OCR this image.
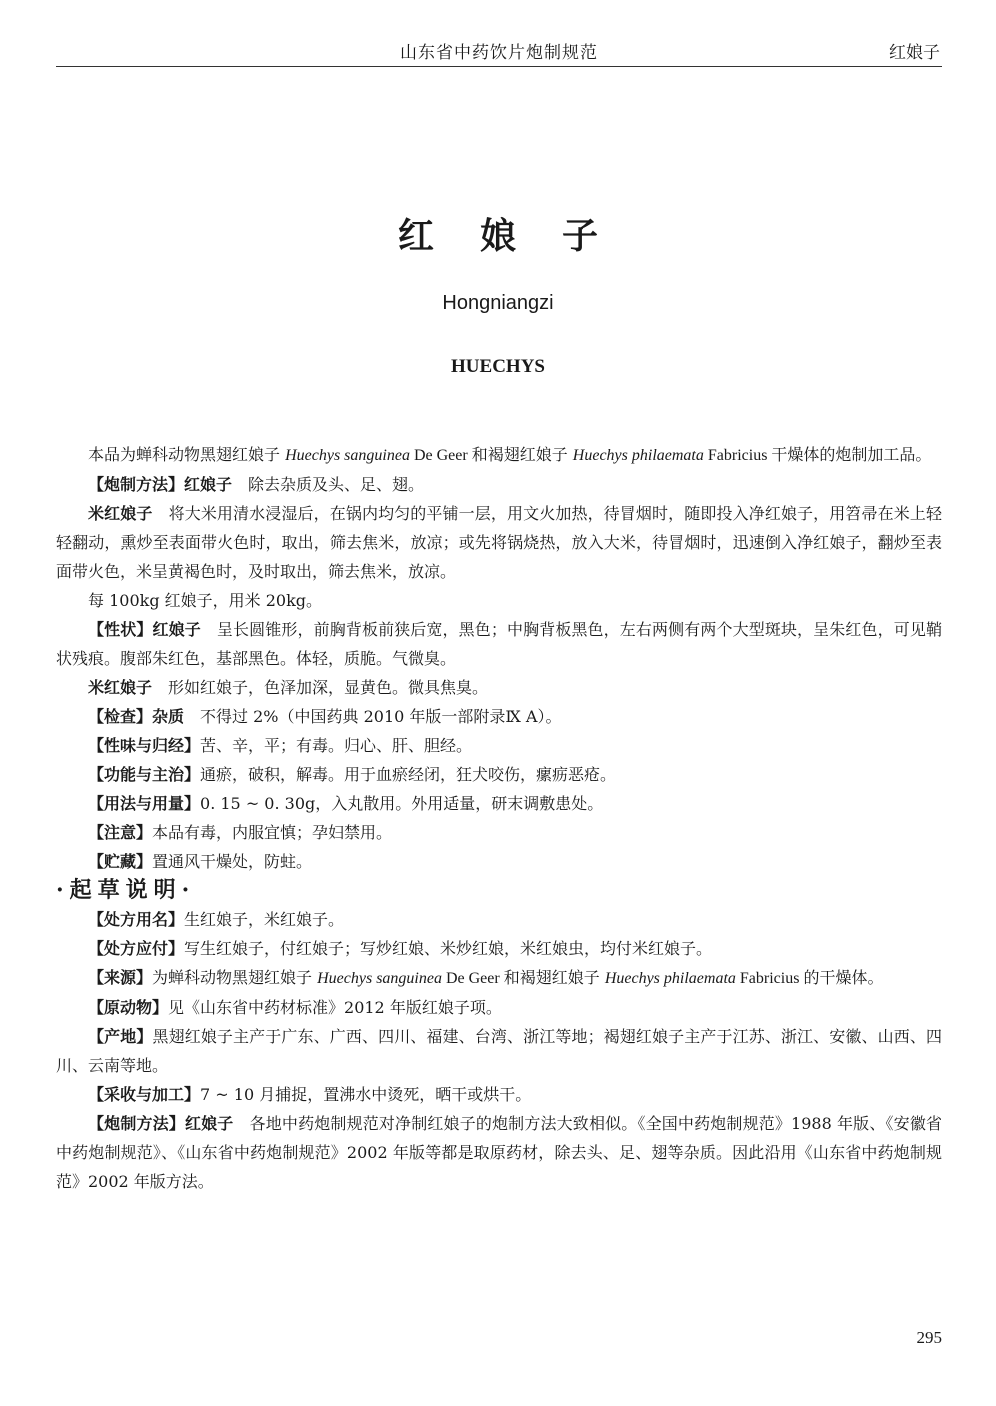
山东省中药饮片炮制规范	红娘子
红娘子
Hongniangzi
HUECHYS

本品为蝉科动物黑翅红娘子 Huechys sanguinea De Geer 和褐翅红娘子 Huechys philaemata Fabricius 干燥体的炮制加工品。

【炮制方法】红娘子　除去杂质及头、足、翅。

米红娘子　将大米用清水浸湿后，在锅内均匀的平铺一层，用文火加热，待冒烟时，随即投入净红娘子，用笤帚在米上轻轻翻动，熏炒至表面带火色时，取出，筛去焦米，放凉；或先将锅烧热，放入大米，待冒烟时，迅速倒入净红娘子，翻炒至表面带火色，米呈黄褐色时，及时取出，筛去焦米，放凉。

每 100kg 红娘子，用米 20kg。

【性状】红娘子　呈长圆锥形，前胸背板前狭后宽，黑色；中胸背板黑色，左右两侧有两个大型斑块，呈朱红色，可见鞘状残痕。腹部朱红色，基部黑色。体轻，质脆。气微臭。

米红娘子　形如红娘子，色泽加深，显黄色。微具焦臭。

【检查】杂质　不得过 2%（中国药典 2010 年版一部附录Ⅸ A）。

【性味与归经】苦、辛，平；有毒。归心、肝、胆经。

【功能与主治】通瘀，破积，解毒。用于血瘀经闭，狂犬咬伤，瘰疬恶疮。

【用法与用量】0. 15 ~ 0. 30g，入丸散用。外用适量，研末调敷患处。

【注意】本品有毒，内服宜慎；孕妇禁用。

【贮藏】置通风干燥处，防蛀。

·起草说明·

【处方用名】生红娘子，米红娘子。

【处方应付】写生红娘子，付红娘子；写炒红娘、米炒红娘，米红娘虫，均付米红娘子。

【来源】为蝉科动物黑翅红娘子 Huechys sanguinea De Geer 和褐翅红娘子 Huechys philaemata Fabricius 的干燥体。

【原动物】见《山东省中药材标准》2012 年版红娘子项。

【产地】黑翅红娘子主产于广东、广西、四川、福建、台湾、浙江等地；褐翅红娘子主产于江苏、浙江、安徽、山西、四川、云南等地。

【采收与加工】7 ~ 10 月捕捉，置沸水中烫死，晒干或烘干。

【炮制方法】红娘子　各地中药炮制规范对净制红娘子的炮制方法大致相似。《全国中药炮制规范》1988 年版、《安徽省中药炮制规范》、《山东省中药炮制规范》2002 年版等都是取原药材，除去头、足、翅等杂质。因此沿用《山东省中药炮制规范》2002 年版方法。

295
